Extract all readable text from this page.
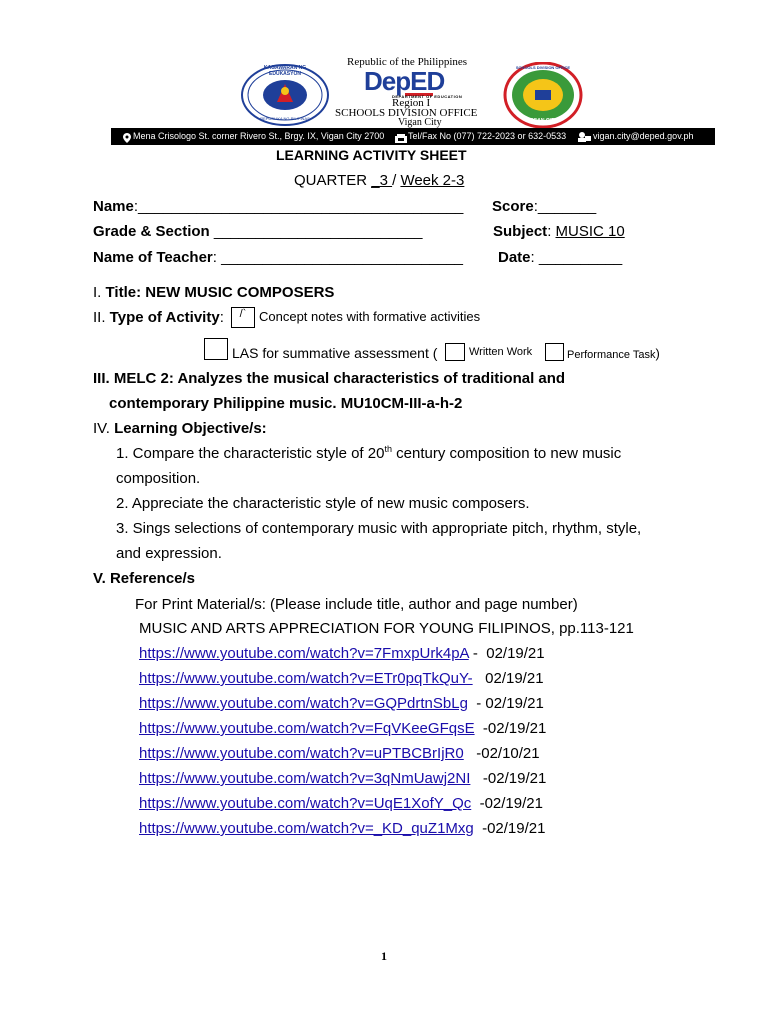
Republic of the Philippines
KAGAWARAN NG EDUKASYON
REPUBLIKA NG PILIPINAS
DepED
DEPARTMENT OF EDUCATION
Region I
SCHOOLS DIVISION OFFICE
Vigan City
SCHOOLS DIVISION OFFICE
VIGAN CITY
Mena Crisologo St. corner Rivero St., Brgy. IX, Vigan City 2700	Tel/Fax No (077) 722-2023 or 632-0533	vigan.city@deped.gov.ph
LEARNING ACTIVITY SHEET
QUARTER _3 / Week 2-3
Name:_______________________________________ Score:_______
Grade & Section _________________________	Subject: MUSIC 10
Name of Teacher: _____________________________ Date: __________
I. Title: NEW MUSIC COMPOSERS
II. Type of Activity:	/` Concept notes with formative activities
LAS for summative assessment (	Written Work	Performance Task)
III. MELC 2: Analyzes the musical characteristics of traditional and
contemporary Philippine music. MU10CM-III-a-h-2
IV. Learning Objective/s:
1. Compare the characteristic style of 20th century composition to new music
composition.
2. Appreciate the characteristic style of new music composers.
3. Sings selections of contemporary music with appropriate pitch, rhythm, style,
and expression.
V. Reference/s
For Print Material/s: (Please include title, author and page number)
MUSIC AND ARTS APPRECIATION FOR YOUNG FILIPINOS, pp.113-121
https://www.youtube.com/watch?v=7FmxpUrk4pA -  02/19/21
https://www.youtube.com/watch?v=ETr0pqTkQuY-   02/19/21
https://www.youtube.com/watch?v=GQPdrtnSbLg  - 02/19/21
https://www.youtube.com/watch?v=FqVKeeGFqsE  -02/19/21
https://www.youtube.com/watch?v=uPTBCBrIjR0   -02/10/21
https://www.youtube.com/watch?v=3qNmUawj2NI   -02/19/21
https://www.youtube.com/watch?v=UqE1XofY_Qc  -02/19/21
https://www.youtube.com/watch?v=_KD_quZ1Mxg  -02/19/21
1
